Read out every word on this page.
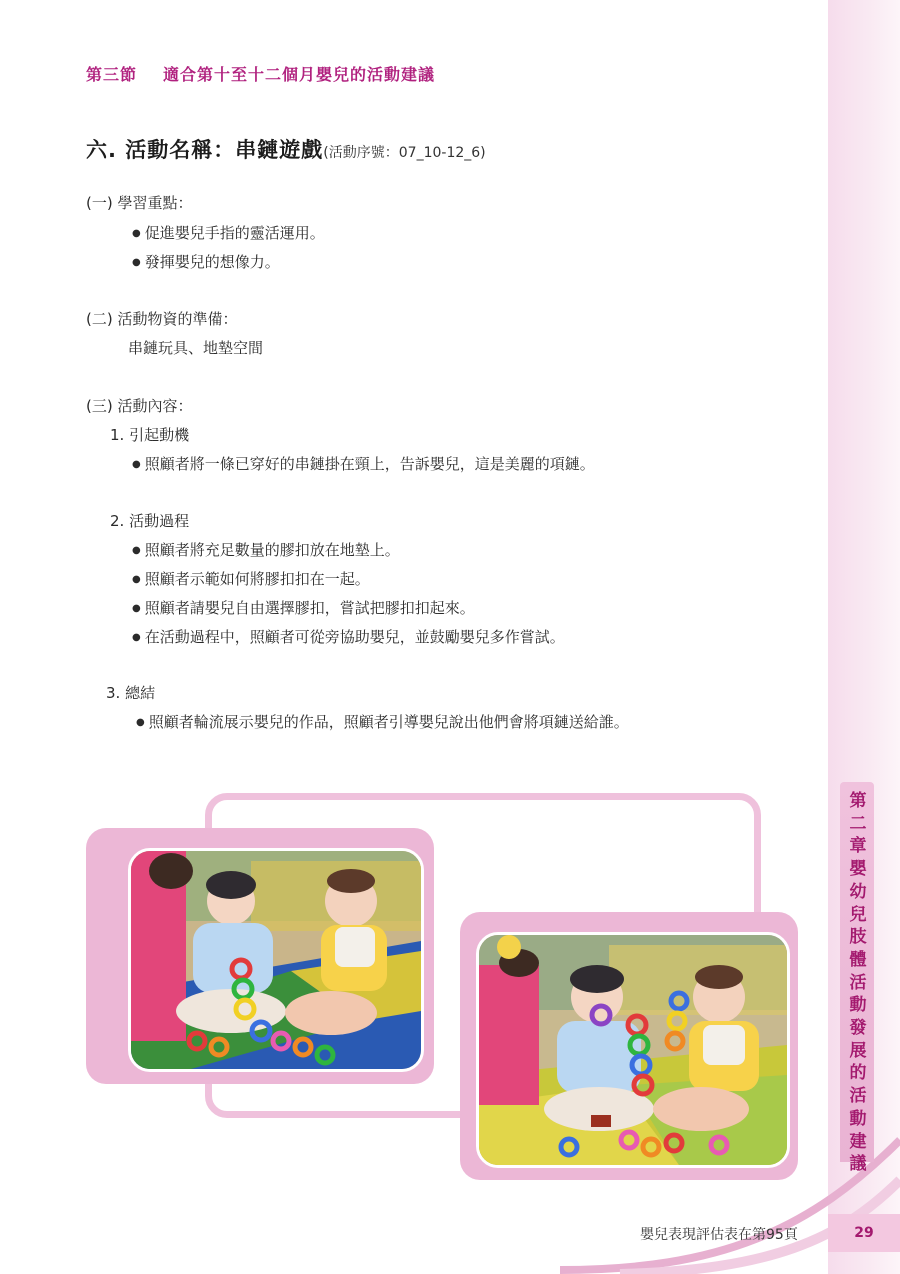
第二章 嬰幼兒肢體活動發展的活動建議
第三節 適合第十至十二個月嬰兒的活動建議
六. 活動名稱：串鏈遊戲(活動序號：07_10-12_6)
(一) 學習重點：
● 促進嬰兒手指的靈活運用。
● 發揮嬰兒的想像力。
(二) 活動物資的準備：
串鏈玩具、地墊空間
(三) 活動內容：
1. 引起動機
● 照顧者將一條已穿好的串鏈掛在頸上，告訴嬰兒，這是美麗的項鏈。
2. 活動過程
● 照顧者將充足數量的膠扣放在地墊上。
● 照顧者示範如何將膠扣扣在一起。
● 照顧者請嬰兒自由選擇膠扣，嘗試把膠扣扣起來。
● 在活動過程中，照顧者可從旁協助嬰兒，並鼓勵嬰兒多作嘗試。
3. 總結
● 照顧者輪流展示嬰兒的作品，照顧者引導嬰兒說出他們會將項鏈送給誰。
嬰兒表現評估表在第95頁	29
